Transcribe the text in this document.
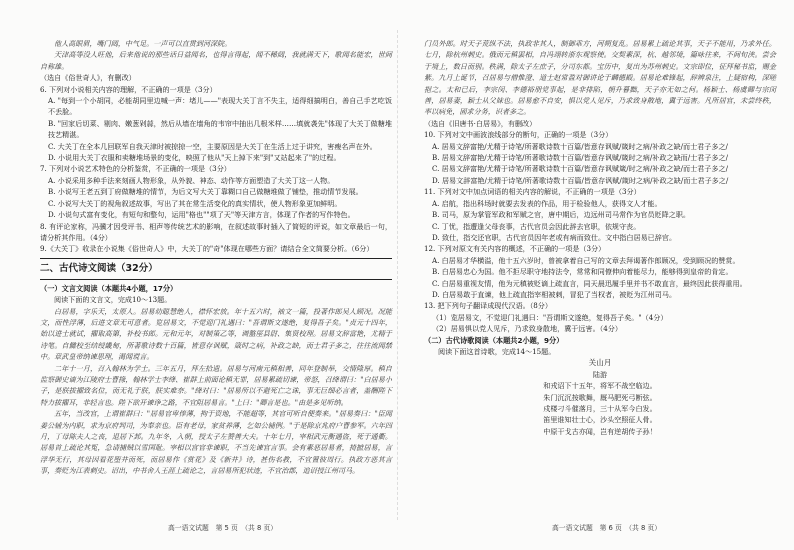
他人高眼眉，嘴门阔，中气足。一声可以直贯到河深院。

天津高等没人旺他，后来他说的那些话日益闻名，也得言得起，闻不稀阔，我就满天下，歌闻名能宏，世间自称雄。

（选自《俗世奇人》，有删改）

6. 下列对小说相关内容的理解，不正确的一项是（3分）

A. "每到一个小胡同，必能胡同里边喊一声：堵儿——"表现大关丁言不失主，适得细搞明白，善自己手艺吃饭不丢脸。

B. "回家后切菜、剔肉、嫩葱剁蒜，然后从墙在墙角的韦帘中抽出几根米样……填就袭先"体现了大关丁做糖堆技艺精湛。

C. 大关丁在全本几回联军自我天津时被掠掠一空，主要原因是大关丁在生活上过于讲究，害瘦名声在外。

D. 小说用大关丁衣服和卖糖堆场景的变化，映照了他从"天上掉下来"到"又站起来了"的过程。

7. 下列对小说艺术特色的分析鉴赏，不正确的一项是（3分）

A. 小说采用多种手法来刻画人物形象，从外貌、神态、动作等方面塑造了大关丁这一人物。

B. 小说写王老五到丁府做糖堆的情节，为后文写大关丁靠糊口自己做糖堆做了铺垫，推动情节发展。

C. 小说写大关丁的视角叙述故事，写出了其在常生活变化的真实情状，使人物形象更加鲜明。

D. 小说句式富有变化，有短句和整句，运用"格也""项了天"等天津方言，体现了作者的写作特色。

8. 有评论家称，冯骥才因受评书、相声等传统艺术的影响，在叙述故事时插入了简短的评说，如文章最后一句，请分析其作用。（4分）

9.《大关丁》收录在小说集《俗世奇人》中，大关丁的"奇"体现在哪些方面？请结合全文简要分析。（6分）

二、古代诗文阅读（32分）

（一）文言文阅读（本题共4小题，17分）

阅读下面的文言文，完成10～13题。

白居易，字乐天，太原人。居易幼聪慧绝人，襟怀宏放。年十五六时，袖文一篇，投著作郎吴人顾况。况能文，而性浮薄，后进文章无可意者。览居易文，不觉迎门礼遇曰："吾谓斯文遂绝，复得吾子矣。"贞元十四年，始以进士就试，擢取高第，补校书郎。元和元年，对制策乙等，调盩厔县尉、集贤校理。居易文辞富艳，尤精于诗笔。自雠校至结绶畿甸，所著歌诗数十百篇，皆意存讽赋，箴时之病，补政之缺，而士君子多之，往往流闻禁中。章武皇帝纳谏思理，渴闻谠言。

二年十一月，召入翰林为学士。三年五月，拜左拾遗。居易与河南元稹相善，同年登制举，交情隆厚。稹自监察御史谪为江陵府士曹掾，翰林学士李绛、崔群上前面论稹无罪，居易累疏切谏，帝怒，召绛谓曰："白居易小子，是朕拔擢致名位，而无礼于朕，朕实难奈。"绛对曰："居易所以不避死亡之诛，事无巨细必言者，盖酬陛下特力拔擢耳，非轻言也。陛下欲开谏诤之路，不宜阻居易言。"上曰："卿言是也。"由是多见听纳。

五年，当改官，上谓崔群曰："居易官卑俸薄，拘于资地，不能超等，其官可听自便奏来。"居易奏曰："臣闻姜公辅为内职，求为京府判司，为奉亲也。臣有老母，家贫养薄，乞如公辅例。"于是除京兆府户曹参军。六年四月，丁母陈夫人之丧，退居下邽。九年冬，入朝，授太子左赞善大夫。十年七月，宰相武元衡遇盗，死于通衢。居易首上疏论其冤，急请捕贼以雪国耻。宰相以宫官非谏职，不当先谏官言事。会有素恶居易者，掎摭居易，言浮华无行，其母因看花堕井而死，而居易作《赏花》及《新井》诗，甚伤名教，不宜置彼周行。执政方恶其言事，奏贬为江表刺史。诏出，中书舍人王涯上疏论之，言居易所犯状迹，不宜治郡，追诏授江州司马。

门员外郎。时天子荒纵不法，执政非其人，制御乖方，河朔复乱。居易累上疏论其事，天子不能用，乃求外任。七月，除杭州刺史。俄而元稹罢相，自冯翊转浙东观察使。交契素深，杭、越邻境，篇咏往来，不间旬浃。尝会于境上，数日而别。秩满，除太子左庶子，分司东都。宝历中，复出为苏州刺史。文宗即位，征拜秘书监，赐金紫。九月上诞节，召居易与僧惟澄、道士赵常盈对御讲论于麟德殿。居易论难锋起，辞辨泉注，上疑宿构，深嗟挹之。太和已后，李宗闵、李德裕朋党事起，是非排陷，朝升暮黜，天子亦无如之何。杨颖士、杨虞卿与宗闵善，居易妻，颖士从父妹也。居易愈不自安，惧以党人见斥，乃求致身散地，冀于远害。凡所居官，未尝终秩，率以病免，固求分务，识者多之。

（选自《旧唐书·白居易》，有删改）

10. 下列对文中画波浪线部分的断句，正确的一项是（3分）

A. 居易文辞富艳/尤精于诗笔/所著歌诗数十百篇/皆意存讽赋/箴时之病/补政之缺/而士君子多之/

B. 居易文辞富艳/尤精于诗笔/所著歌诗数十百篇/皆意存讽赋/箴时之病/补政之缺而/士君子多之/

C. 居易文辞富艳/尤精于诗笔/所著歌诗数十百篇/皆意存讽赋箴/时之病/补政之缺/而士君子多之/

D. 居易文辞富艳/尤精于诗笔/所著歌诗数十百篇/皆意存讽赋/箴时之病/补政之缺/而士君子多之/

11. 下列对文中加点词语的相关内容的解说，不正确的一项是（3分）

A. 启航，指出科场时就要去发表的作品，用于检验他人，获得文人才能。

B. 司马，原为掌管军政和军赋之官，唐中期后，边远州司马常作为官员贬降之职。

C. 丁忧，指遭逢父母丧事，古代官员会因此辞去官职，依规守丧。

D. 致仕，指交还官职，古代官员因年老或有病而致仕。文中指白居易已辞官。

12. 下列对原文有关内容的概述，不正确的一项是（3分）

A. 白居易才华横溢，他十五六岁时，曾被拿着自己写的文章去拜谒著作郎顾况，受到顾况的赞赏。

B. 白居易忠心为国。他不拒尽职守地持法令，常常和同僚伸向着能尽力，能够得到皇帝的肯定。

C. 白居易重视友情，他为元稹被贬谪上疏直言，同天晨迅履手里并书不敢直言，最终因此获得重用。

D. 白居易敢于直谏，他上疏直指宰相被刺，冒犯了当权者，被贬为江州司马。

13. 把下列句子翻译成现代汉语。（8分）

（1）览居易文，不觉迎门礼遇曰："吾谓斯文遂绝，复得吾子矣。"（4分）

（2）居易惧以党人见斥，乃求致身散地，冀于远害。（4分）

（二）古代诗歌阅读（本题共2小题，9分）

阅读下面这首诗歌，完成14～15题。

关山月
陆游
和戎诏下十五年，将军不战空临边。
朱门沉沉按歌舞，厩马肥死弓断弦。
戍楼刁斗催落月，三十从军今白发。
笛里谁知壮士心，沙头空照征人骨。
中原干戈古亦闻，岂有逆胡传子孙！
高一语文试题　第 5 页　（共 8 页）	高一语文试题　第 6 页　（共 8 页）
